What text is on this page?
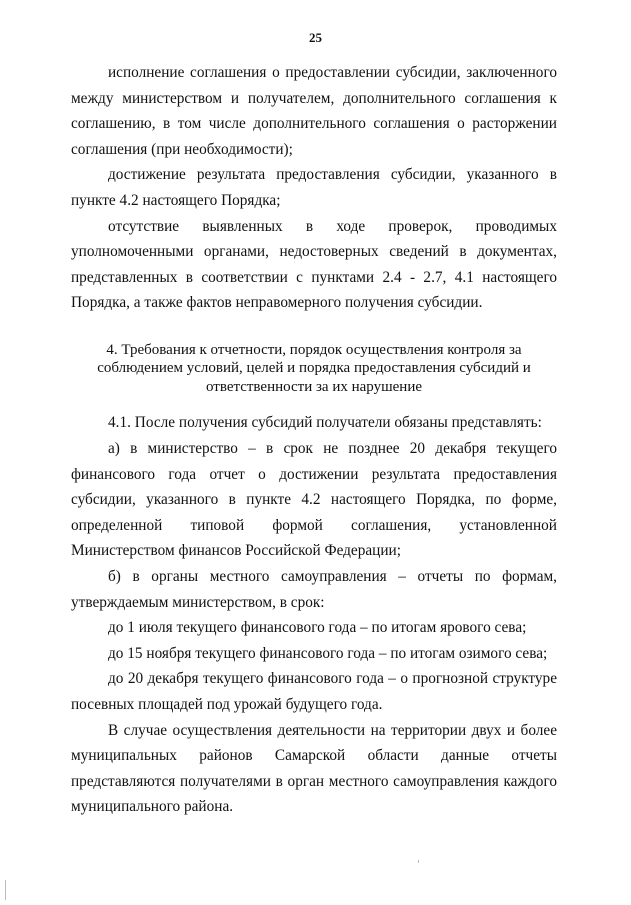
25

исполнение соглашения о предоставлении субсидии, заключенного между министерством и получателем, дополнительного соглашения к соглашению, в том числе дополнительного соглашения о расторжении соглашения (при необходимости);

достижение результата предоставления субсидии, указанного в пункте 4.2 настоящего Порядка;

отсутствие выявленных в ходе проверок, проводимых уполномоченными органами, недостоверных сведений в документах, представленных в соответствии с пунктами 2.4 - 2.7, 4.1 настоящего Порядка, а также фактов неправомерного получения субсидии.

4. Требования к отчетности, порядок осуществления контроля за
соблюдением условий, целей и порядка предоставления субсидий и
ответственности за их нарушение

4.1. После получения субсидий получатели обязаны представлять:

а) в министерство – в срок не позднее 20 декабря текущего финансового года отчет о достижении результата предоставления субсидии, указанного в пункте 4.2 настоящего Порядка, по форме, определенной типовой формой соглашения, установленной Министерством финансов Российской Федерации;

б) в органы местного самоуправления – отчеты по формам, утверждаемым министерством, в срок:

до 1 июля текущего финансового года – по итогам ярового сева;

до 15 ноября текущего финансового года – по итогам озимого сева;

до 20 декабря текущего финансового года – о прогнозной структуре посевных площадей под урожай будущего года.

В случае осуществления деятельности на территории двух и более муниципальных районов Самарской области данные отчеты представляются получателями в орган местного самоуправления каждого муниципального района.
